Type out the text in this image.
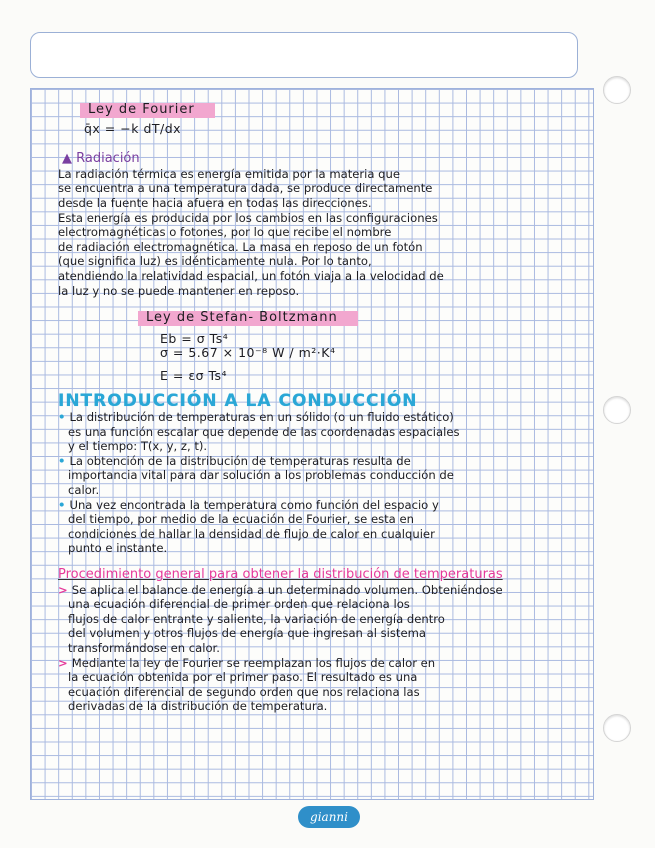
Ley de Fourier
q̄x = −k dT/dx
▲ Radiación
La radiación térmica es energía emitida por la materia que
se encuentra a una temperatura dada, se produce directamente
desde la fuente hacia afuera en todas las direcciones.
Esta energía es producida por los cambios en las configuraciones
electromagnéticas o fotones, por lo que recibe el nombre
de radiación electromagnética. La masa en reposo de un fotón
(que significa luz) es idénticamente nula. Por lo tanto,
atendiendo la relatividad espacial, un fotón viaja a la velocidad de
la luz y no se puede mantener en reposo.
Ley de Stefan- Boltzmann
Eb = σ Ts⁴
σ = 5.67 × 10⁻⁸ W / m²·K⁴
E = εσ Ts⁴
INTRODUCCIÓN A LA CONDUCCIÓN
• La distribución de temperaturas en un sólido (o un fluido estático)
es una función escalar que depende de las coordenadas espaciales
y el tiempo: T(x, y, z, t).
• La obtención de la distribución de temperaturas resulta de
importancia vital para dar solución a los problemas conducción de
calor.
• Una vez encontrada la temperatura como función del espacio y
del tiempo, por medio de la ecuación de Fourier, se esta en
condiciones de hallar la densidad de flujo de calor en cualquier
punto e instante.
Procedimiento general para obtener la distribución de temperaturas
> Se aplica el balance de energía a un determinado volumen. Obteniéndose
una ecuación diferencial de primer orden que relaciona los
flujos de calor entrante y saliente, la variación de energía dentro
del volumen y otros flujos de energía que ingresan al sistema
transformándose en calor.
> Mediante la ley de Fourier se reemplazan los flujos de calor en
la ecuación obtenida por el primer paso. El resultado es una
ecuación diferencial de segundo orden que nos relaciona las
derivadas de la distribución de temperatura.
gianni
